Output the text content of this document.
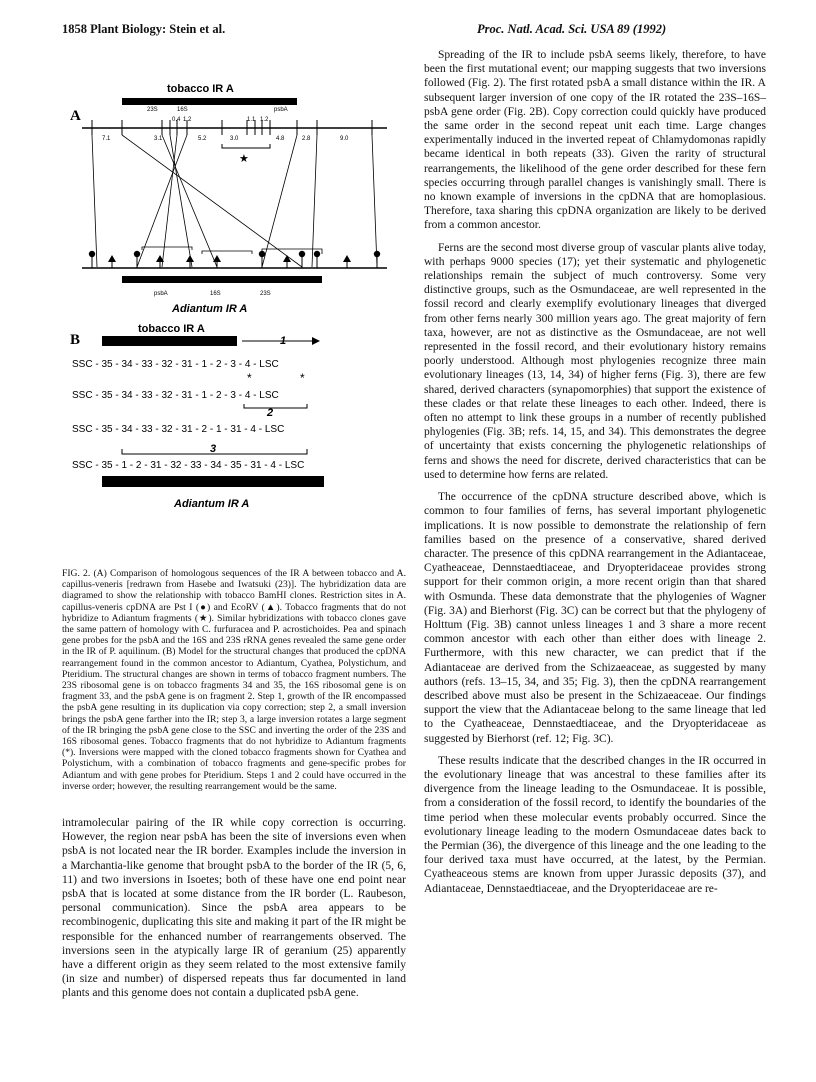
1858 Plant Biology: Stein et al.	Proc. Natl. Acad. Sci. USA 89 (1992)
A
tobacco IR A
23S	16S	psbA
7.1	3.1
0.4 1.2
5.2	3.0
1.1 1.2
4.8	2.8	9.0
★
psbA	16S	23S
Adiantum IR A
B
tobacco IR A
1
SSC - 35 - 34 - 33 - 32 - 31 - 1 - 2 - 3 - 4 - LSC
*	*
SSC - 35 - 34 - 33 - 32 - 31 - 1 - 2 - 3 - 4 - LSC
2
SSC - 35 - 34 - 33 - 32 - 31 - 2 - 1 - 31 - 4 - LSC
3
SSC - 35 - 1 - 2 - 31 - 32 - 33 - 34 - 35 - 31 - 4 - LSC
Adiantum IR A

FIG. 2. (A) Comparison of homologous sequences of the IR A between tobacco and A. capillus-veneris [redrawn from Hasebe and Iwatsuki (23)]. The hybridization data are diagramed to show the relationship with tobacco BamHI clones. Restriction sites in A. capillus-veneris cpDNA are Pst I (●) and EcoRV (▲). Tobacco fragments that do not hybridize to Adiantum fragments (★). Similar hybridizations with tobacco clones gave the same pattern of homology with C. furfuracea and P. acrostichoides. Pea and spinach gene probes for the psbA and the 16S and 23S rRNA genes revealed the same gene order in the IR of P. aquilinum. (B) Model for the structural changes that produced the cpDNA rearrangement found in the common ancestor to Adiantum, Cyathea, Polystichum, and Pteridium. The structural changes are shown in terms of tobacco fragment numbers. The 23S ribosomal gene is on tobacco fragments 34 and 35, the 16S ribosomal gene is on fragment 33, and the psbA gene is on fragment 2. Step 1, growth of the IR encompassed the psbA gene resulting in its duplication via copy correction; step 2, a small inversion brings the psbA gene farther into the IR; step 3, a large inversion rotates a large segment of the IR bringing the psbA gene close to the SSC and inverting the order of the 23S and 16S ribosomal genes. Tobacco fragments that do not hybridize to Adiantum fragments (*). Inversions were mapped with the cloned tobacco fragments shown for Cyathea and Polystichum, with a combination of tobacco fragments and gene-specific probes for Adiantum and with gene probes for Pteridium. Steps 1 and 2 could have occurred in the inverse order; however, the resulting rearrangement would be the same.

intramolecular pairing of the IR while copy correction is occurring. However, the region near psbA has been the site of inversions even when psbA is not located near the IR border. Examples include the inversion in a Marchantia-like genome that brought psbA to the border of the IR (5, 6, 11) and two inversions in Isoetes; both of these have one end point near psbA that is located at some distance from the IR border (L. Raubeson, personal communication). Since the psbA area appears to be recombinogenic, duplicating this site and making it part of the IR might be responsible for the enhanced number of rearrangements observed. The inversions seen in the atypically large IR of geranium (25) apparently have a different origin as they seem related to the most extensive family (in size and number) of dispersed repeats thus far documented in land plants and this genome does not contain a duplicated psbA gene.

Spreading of the IR to include psbA seems likely, therefore, to have been the first mutational event; our mapping suggests that two inversions followed (Fig. 2). The first rotated psbA a small distance within the IR. A subsequent larger inversion of one copy of the IR rotated the 23S–16S–psbA gene order (Fig. 2B). Copy correction could quickly have produced the same order in the second repeat unit each time. Large changes experimentally induced in the inverted repeat of Chlamydomonas rapidly became identical in both repeats (33). Given the rarity of structural rearrangements, the likelihood of the gene order described for these fern species occurring through parallel changes is vanishingly small. There is no known example of inversions in the cpDNA that are homoplasious. Therefore, taxa sharing this cpDNA organization are likely to be derived from a common ancestor.

Ferns are the second most diverse group of vascular plants alive today, with perhaps 9000 species (17); yet their systematic and phylogenetic relationships remain the subject of much controversy. Some very distinctive groups, such as the Osmundaceae, are well represented in the fossil record and clearly exemplify evolutionary lineages that diverged from other ferns nearly 300 million years ago. The great majority of fern taxa, however, are not as distinctive as the Osmundaceae, are not well represented in the fossil record, and their evolutionary history remains poorly understood. Although most phylogenies recognize three main evolutionary lineages (13, 14, 34) of higher ferns (Fig. 3), there are few shared, derived characters (synapomorphies) that support the existence of these clades or that relate these lineages to each other. Indeed, there is often no attempt to link these groups in a number of recently published phylogenies (Fig. 3B; refs. 14, 15, and 34). This demonstrates the degree of uncertainty that exists concerning the phylogenetic relationships of ferns and shows the need for discrete, derived characteristics that can be used to determine how ferns are related.

The occurrence of the cpDNA structure described above, which is common to four families of ferns, has several important phylogenetic implications. It is now possible to demonstrate the relationship of fern families based on the presence of a conservative, shared derived character. The presence of this cpDNA rearrangement in the Adiantaceae, Cyatheaceae, Dennstaedtiaceae, and Dryopteridaceae provides strong support for their common origin, a more recent origin than that shared with Osmunda. These data demonstrate that the phylogenies of Wagner (Fig. 3A) and Bierhorst (Fig. 3C) can be correct but that the phylogeny of Holttum (Fig. 3B) cannot unless lineages 1 and 3 share a more recent common ancestor with each other than either does with lineage 2. Furthermore, with this new character, we can predict that if the Adiantaceae are derived from the Schizaeaceae, as suggested by many authors (refs. 13–15, 34, and 35; Fig. 3), then the cpDNA rearrangement described above must also be present in the Schizaeaceae. Our findings support the view that the Adiantaceae belong to the same lineage that led to the Cyatheaceae, Dennstaedtiaceae, and the Dryopteridaceae as suggested by Bierhorst (ref. 12; Fig. 3C).

These results indicate that the described changes in the IR occurred in the evolutionary lineage that was ancestral to these families after its divergence from the lineage leading to the Osmundaceae. It is possible, from a consideration of the fossil record, to identify the boundaries of the time period when these molecular events probably occurred. Since the evolutionary lineage leading to the modern Osmundaceae dates back to the Permian (36), the divergence of this lineage and the one leading to the four derived taxa must have occurred, at the latest, by the Permian. Cyatheaceous stems are known from upper Jurassic deposits (37), and Adiantaceae, Dennstaedtiaceae, and the Dryopteridaceae are re-
